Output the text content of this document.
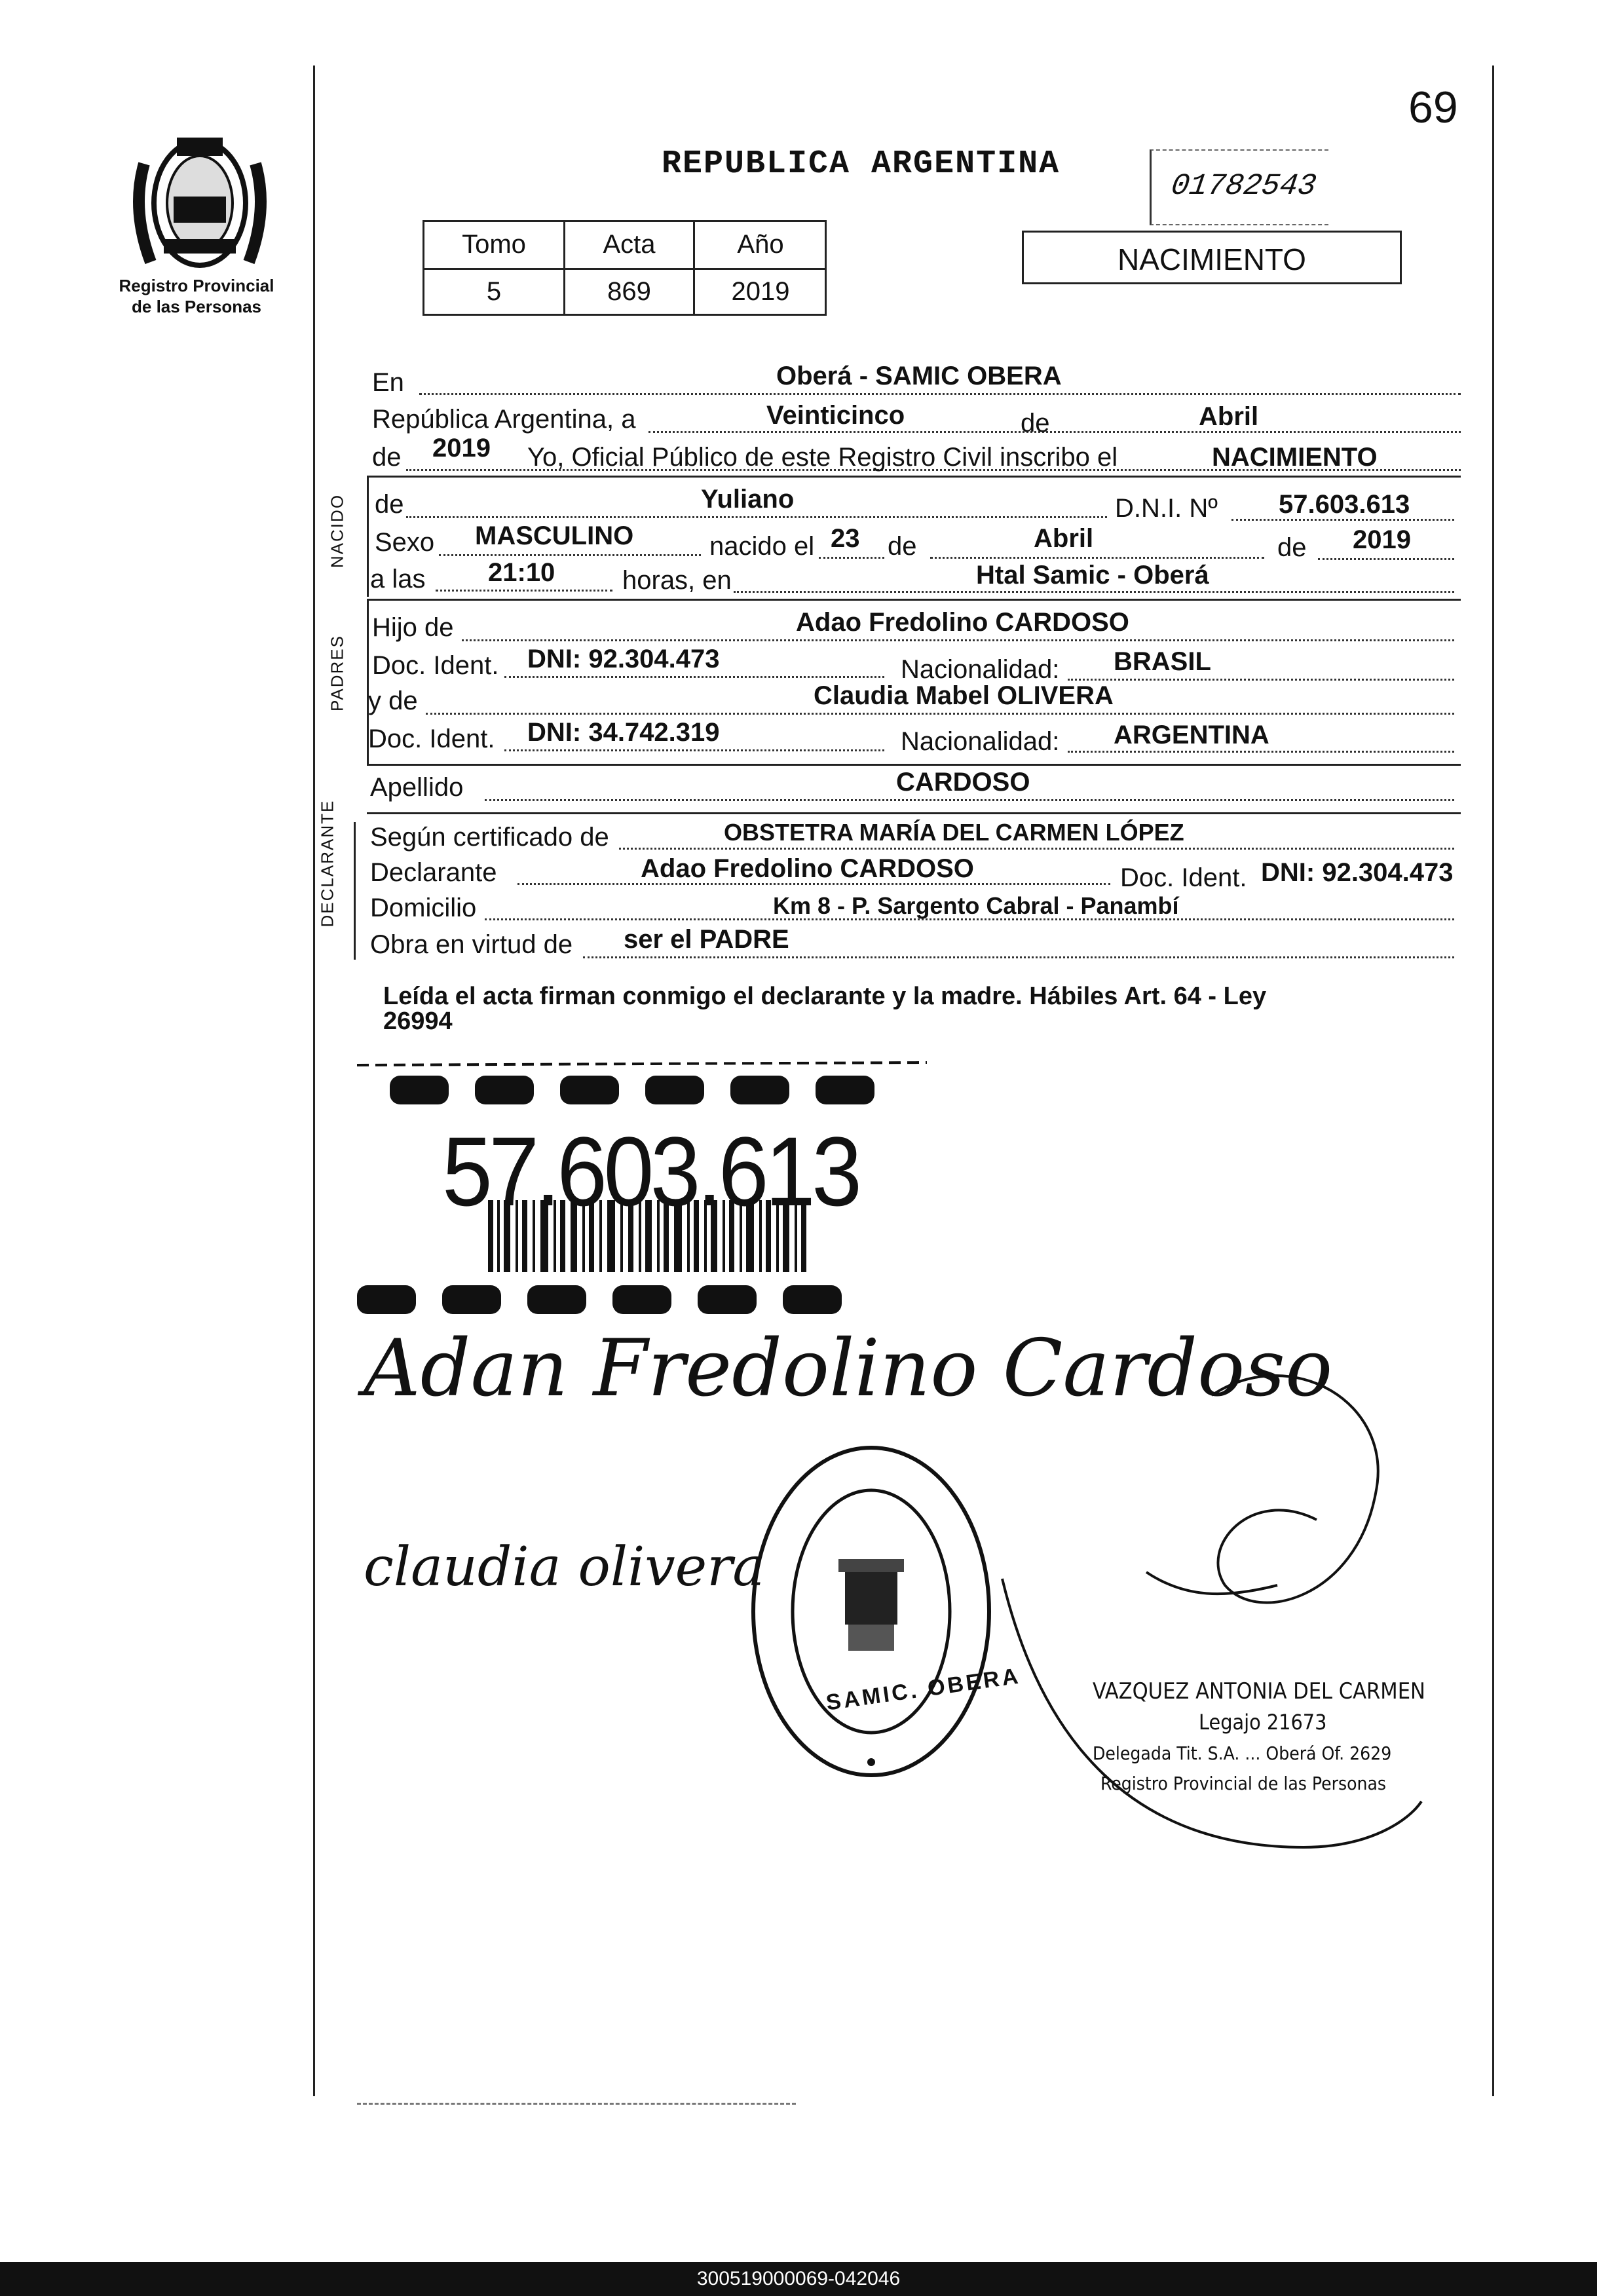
69
Registro Provincial
de las Personas
REPUBLICA ARGENTINA
01782543
NACIMIENTO
Tomo	Acta	Año
5	869	2019
En	Oberá - SAMIC OBERA
República Argentina, a	Veinticinco	de	Abril
de 2019 Yo, Oficial Público de este Registro Civil inscribo el	NACIMIENTO
NACIDO de	Yuliano	D.N.I. Nº 57.603.613
Sexo MASCULINO	nacido el 23 de	Abril	de 2019
a las 21:10	horas, en	Htal Samic - Oberá
PADRES
Hijo de	Adao Fredolino CARDOSO
Doc. Ident. DNI: 92.304.473	Nacionalidad: BRASIL
y de	Claudia Mabel OLIVERA
Doc. Ident. DNI: 34.742.319	Nacionalidad: ARGENTINA
Apellido	CARDOSO
DECLARANTE Según certificado de	OBSTETRA MARÍA DEL CARMEN LÓPEZ
Declarante	Adao Fredolino CARDOSO	Doc. Ident. DNI: 92.304.473
Domicilio	Km 8 - P. Sargento Cabral - Panambí
Obra en virtud de ser el PADRE
Leída el acta firman conmigo el declarante y la madre. Hábiles Art. 64 - Ley
26994
57.603.613
Adan Fredolino Cardoso
claudia olivera
SAMIC. OBERA	VAZQUEZ ANTONIA DEL CARMEN
Legajo 21673
Delegada Tit. S.A. ... Oberá Of. 2629
Registro Provincial de las Personas
300519000069-042046
